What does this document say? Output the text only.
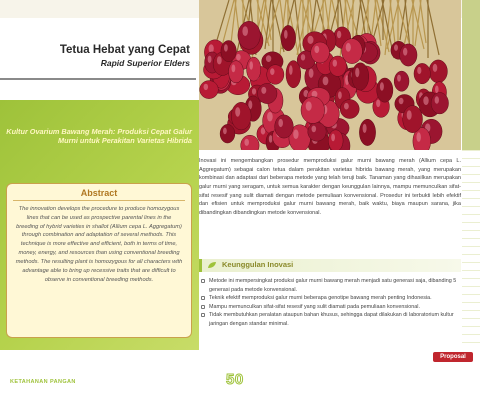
Tetua Hebat yang Cepat
Rapid Superior Elders
Kultur Ovarium Bawang Merah: Produksi Cepat Galur Murni untuk Perakitan Varietas Hibrida
Abstract
The innovation develops the procedure to produce homozygous lines that can be used as prospective parental lines in the breeding of hybrid varieties in shallot (Allium cepa L. Aggregatum) through combination and adaptation of several methods. This technique is more effective and efficient, both in terms of time, money, energy, and resources than using conventional breeding methods. The resulting plant is homozygous for all characters with advantage able to bring up recessive traits that are difficult to observe in conventional breeding methods.
Inovasi ini mengembangkan prosedur memproduksi galur murni bawang merah (Allium cepa L. Aggregatum) sebagai calon tetua dalam perakitan varietas hibrida bawang merah, yang merupakan kombinasi dan adaptasi dari beberapa metode yang telah teruji baik. Tanaman yang dihasilkan merupakan galur murni yang seragam, untuk semua karakter dengan keunggulan lainnya, mampu memunculkan sifat-sifat resesif yang sulit diamati dengan metode pemuliaan konvensional. Prosedur ini terbukti lebih efektif dan efisien untuk memproduksi galur murni bawang merah, baik waktu, biaya maupun sarana, jika dibandingkan dibandingkan metode konvensional.
Keunggulan Inovasi
Metode ini mempersingkat produksi galur murni bawang merah menjadi satu generasi saja, dibanding 5 generasi pada metode konvensional.
Teknik efektif memproduksi galur murni beberapa genotipe bawang merah penting Indonesia.
Mampu memunculkan sifat-sifat resesif yang sulit diamati pada pemuliaan konvensional.
Tidak membutuhkan peralatan ataupun bahan khusus, sehingga dapat dilakukan di laboratorium kultur jaringan dengan standar minimal.
Proposal
KETAHANAN PANGAN	50
